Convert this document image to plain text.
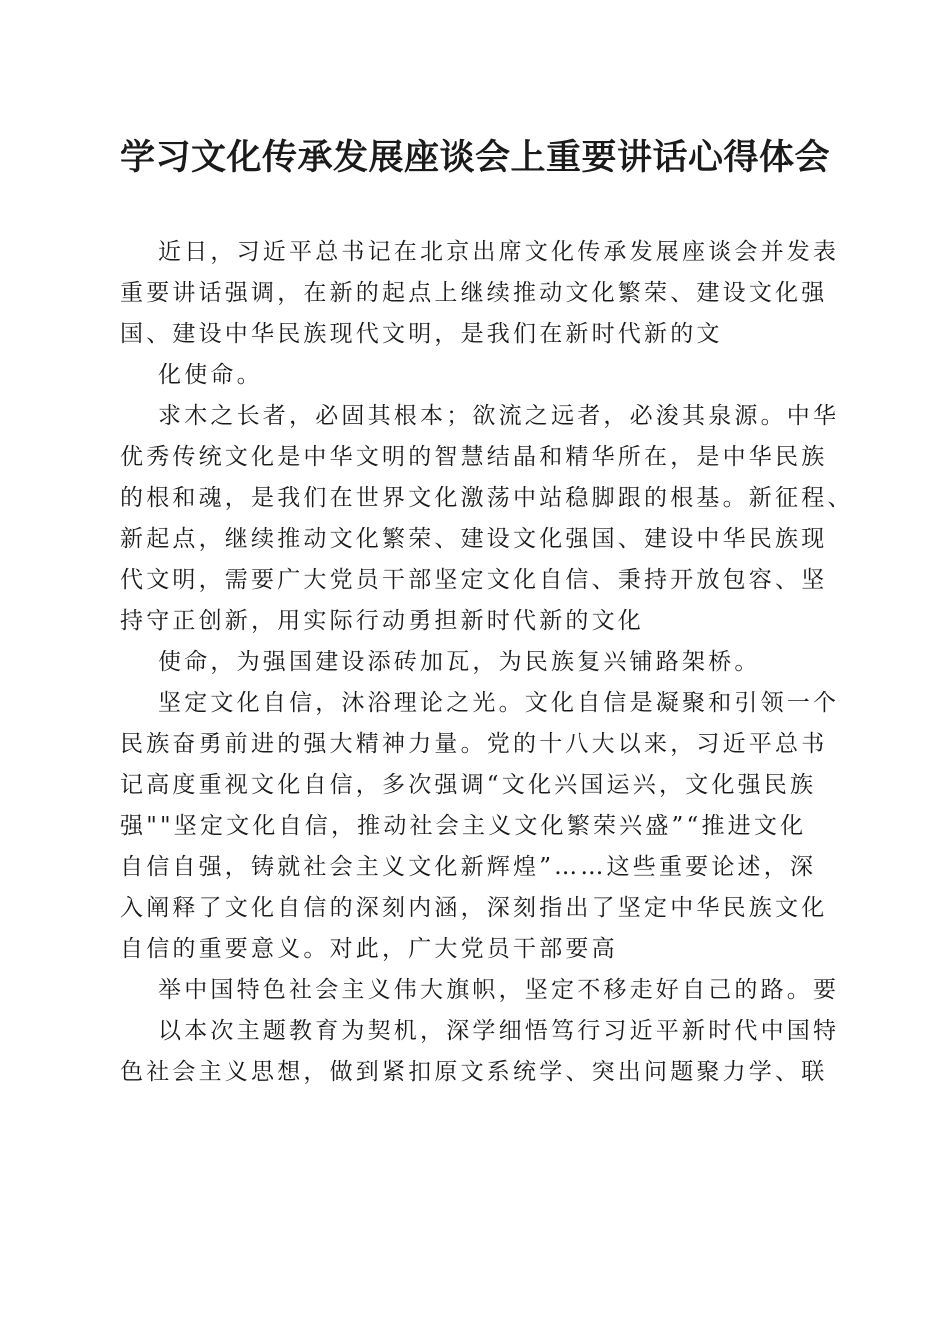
学习文化传承发展座谈会上重要讲话心得体会
近日，习近平总书记在北京出席文化传承发展座谈会并发表
重要讲话强调，在新的起点上继续推动文化繁荣、建设文化强
国、建设中华民族现代文明，是我们在新时代新的文
化使命。
求木之长者，必固其根本；欲流之远者，必浚其泉源。中华
优秀传统文化是中华文明的智慧结晶和精华所在，是中华民族
的根和魂，是我们在世界文化激荡中站稳脚跟的根基。新征程、
新起点，继续推动文化繁荣、建设文化强国、建设中华民族现
代文明，需要广大党员干部坚定文化自信、秉持开放包容、坚
持守正创新，用实际行动勇担新时代新的文化
使命，为强国建设添砖加瓦，为民族复兴铺路架桥。
坚定文化自信，沐浴理论之光。文化自信是凝聚和引领一个
民族奋勇前进的强大精神力量。党的十八大以来，习近平总书
记高度重视文化自信，多次强调“文化兴国运兴，文化强民族
强""坚定文化自信，推动社会主义文化繁荣兴盛”“推进文化
自信自强，铸就社会主义文化新辉煌”……这些重要论述，深
入阐释了文化自信的深刻内涵，深刻指出了坚定中华民族文化
自信的重要意义。对此，广大党员干部要高
举中国特色社会主义伟大旗帜，坚定不移走好自己的路。要
以本次主题教育为契机，深学细悟笃行习近平新时代中国特
色社会主义思想，做到紧扣原文系统学、突出问题聚力学、联
